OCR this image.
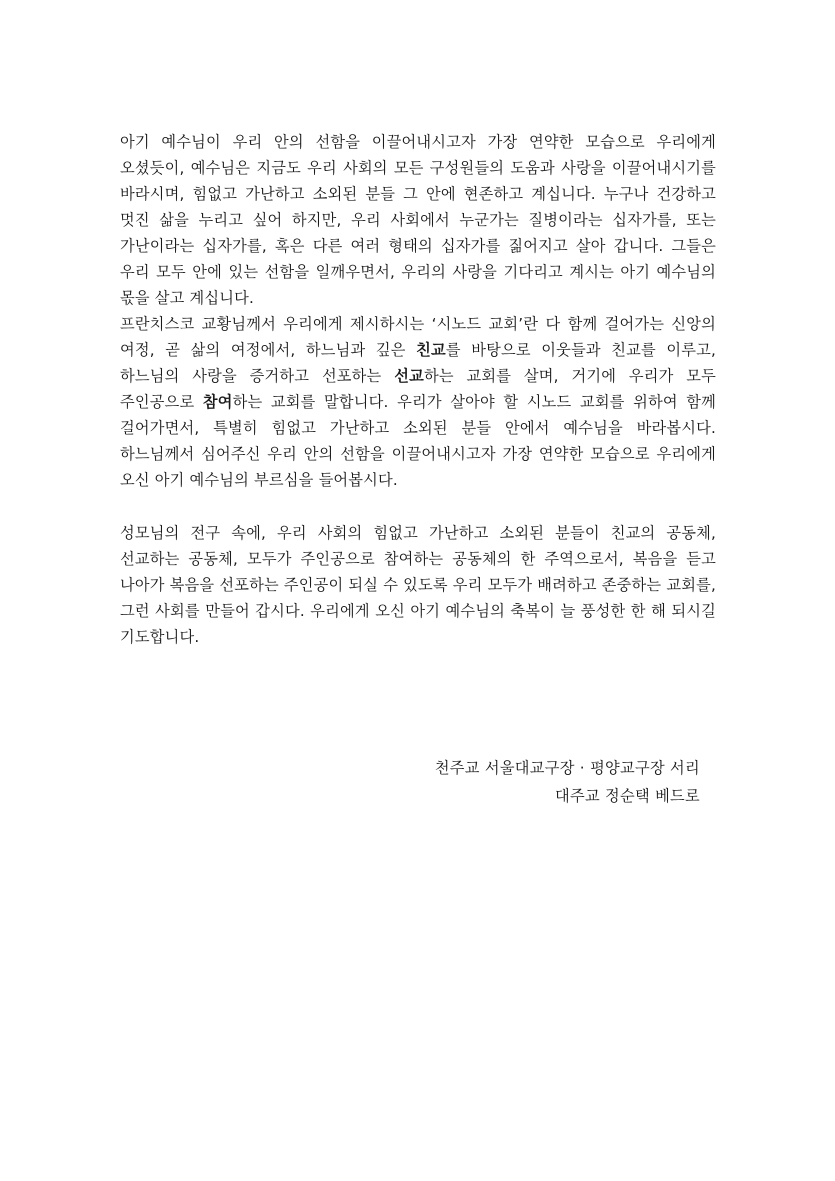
아기 예수님이 우리 안의 선함을 이끌어내시고자 가장 연약한 모습으로 우리에게 오셨듯이, 예수님은 지금도 우리 사회의 모든 구성원들의 도움과 사랑을 이끌어내시기를 바라시며, 힘없고 가난하고 소외된 분들 그 안에 현존하고 계십니다. 누구나 건강하고 멋진 삶을 누리고 싶어 하지만, 우리 사회에서 누군가는 질병이라는 십자가를, 또는 가난이라는 십자가를, 혹은 다른 여러 형태의 십자가를 짊어지고 살아 갑니다. 그들은 우리 모두 안에 있는 선함을 일깨우면서, 우리의 사랑을 기다리고 계시는 아기 예수님의 몫을 살고 계십니다.

프란치스코 교황님께서 우리에게 제시하시는 ‘시노드 교회’란 다 함께 걸어가는 신앙의 여정, 곧 삶의 여정에서, 하느님과 깊은 친교를 바탕으로 이웃들과 친교를 이루고, 하느님의 사랑을 증거하고 선포하는 선교하는 교회를 살며, 거기에 우리가 모두 주인공으로 참여하는 교회를 말합니다. 우리가 살아야 할 시노드 교회를 위하여 함께 걸어가면서, 특별히 힘없고 가난하고 소외된 분들 안에서 예수님을 바라봅시다. 하느님께서 심어주신 우리 안의 선함을 이끌어내시고자 가장 연약한 모습으로 우리에게 오신 아기 예수님의 부르심을 들어봅시다.

성모님의 전구 속에, 우리 사회의 힘없고 가난하고 소외된 분들이 친교의 공동체, 선교하는 공동체, 모두가 주인공으로 참여하는 공동체의 한 주역으로서, 복음을 듣고 나아가 복음을 선포하는 주인공이 되실 수 있도록 우리 모두가 배려하고 존중하는 교회를, 그런 사회를 만들어 갑시다. 우리에게 오신 아기 예수님의 축복이 늘 풍성한 한 해 되시길 기도합니다.

천주교 서울대교구장 · 평양교구장 서리
대주교 정순택 베드로
